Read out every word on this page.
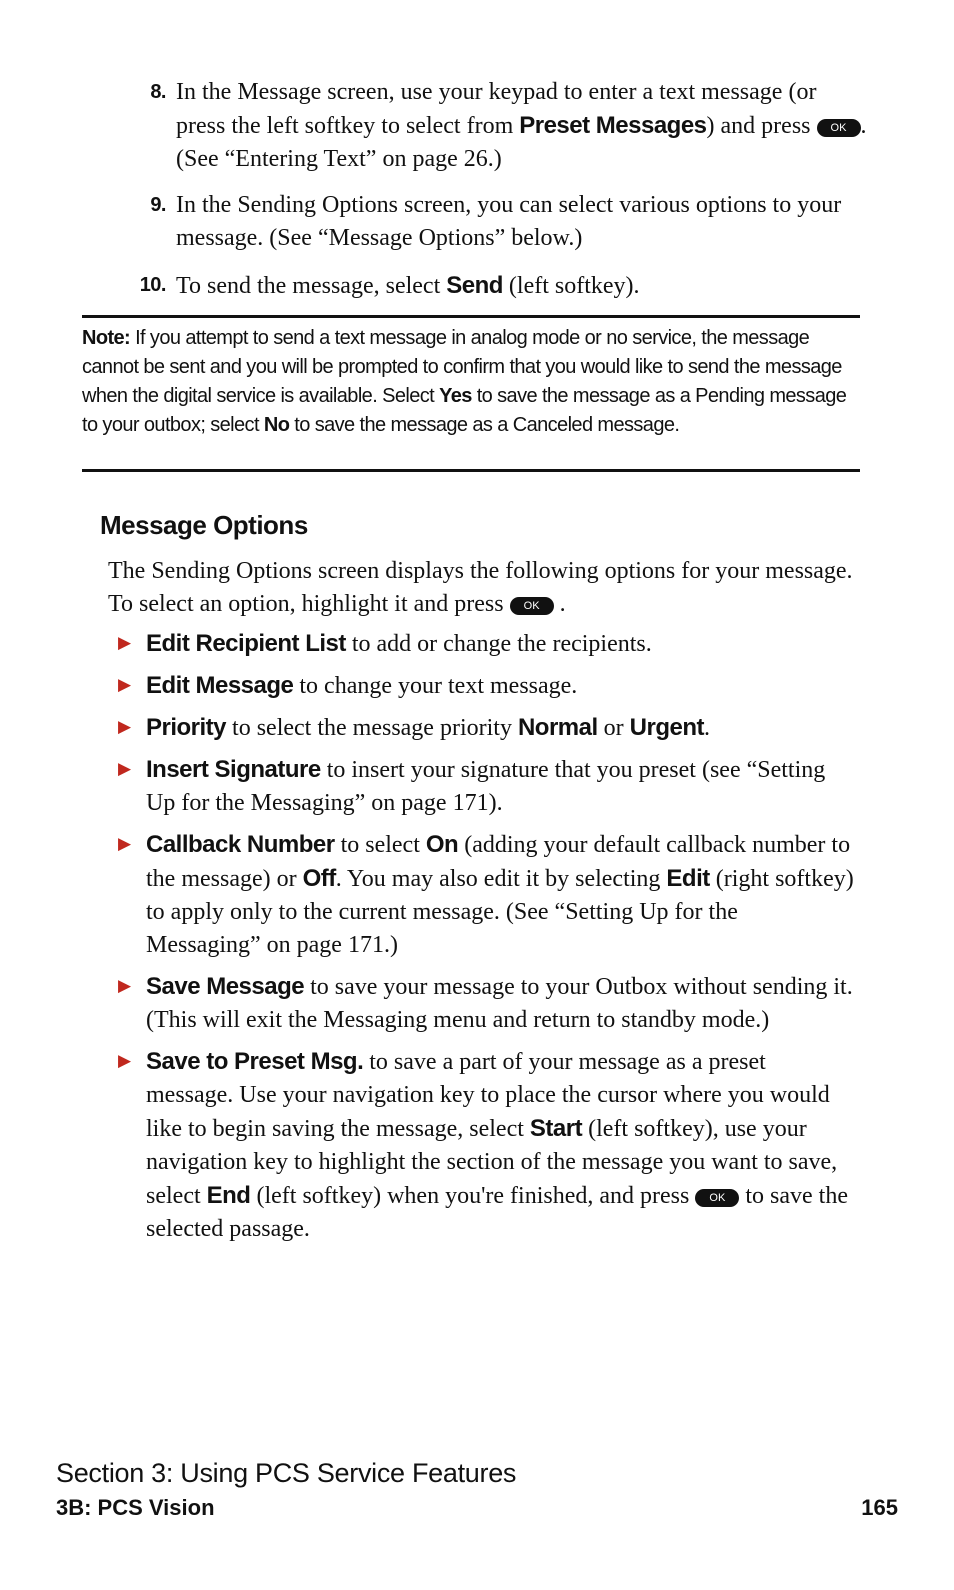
8. In the Message screen, use your keypad to enter a text message (or press the left softkey to select from Preset Messages) and press OK . (See “Entering Text” on page 26.)
9. In the Sending Options screen, you can select various options to your message. (See “Message Options” below.)
10. To send the message, select Send (left softkey).
Note: If you attempt to send a text message in analog mode or no service, the message cannot be sent and you will be prompted to confirm that you would like to send the message when the digital service is available. Select Yes to save the message as a Pending message to your outbox; select No to save the message as a Canceled message.
Message Options
The Sending Options screen displays the following options for your message. To select an option, highlight it and press OK .
▶ Edit Recipient List to add or change the recipients.
▶ Edit Message to change your text message.
▶ Priority to select the message priority Normal or Urgent.
▶ Insert Signature to insert your signature that you preset (see “Setting Up for the Messaging” on page 171).
▶ Callback Number to select On (adding your default callback number to the message) or Off. You may also edit it by selecting Edit (right softkey) to apply only to the current message. (See “Setting Up for the Messaging” on page 171.)
▶ Save Message to save your message to your Outbox without sending it. (This will exit the Messaging menu and return to standby mode.)
▶ Save to Preset Msg. to save a part of your message as a preset message. Use your navigation key to place the cursor where you would like to begin saving the message, select Start (left softkey), use your navigation key to highlight the section of the message you want to save, select End (left softkey) when you're finished, and press OK to save the selected passage.
Section 3: Using PCS Service Features
3B: PCS Vision	165
